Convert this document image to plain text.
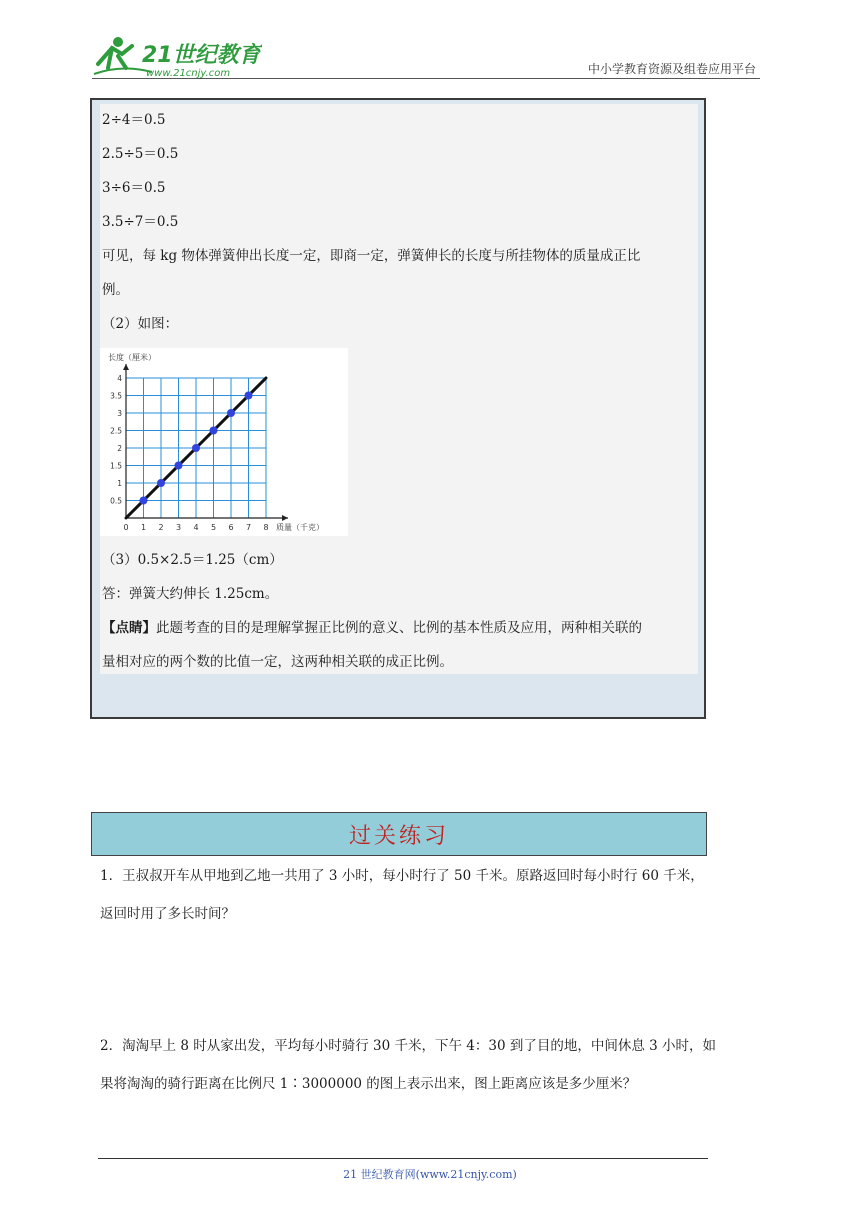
21世纪教育
www.21cnjy.com	中小学教育资源及组卷应用平台
2÷4＝0.5
2.5÷5＝0.5
3÷6＝0.5
3.5÷7＝0.5
可见，每 kg 物体弹簧伸出长度一定，即商一定，弹簧伸长的长度与所挂物体的质量成正比
例。
（2）如图：
0 1 2 3 4 5 6 7 8
0.5
1
1.5
2
2.5
3
3.5
4
长度（厘米）
质量（千克）
（3）0.5×2.5＝1.25（cm）
答：弹簧大约伸长 1.25cm。
【点睛】此题考查的目的是理解掌握正比例的意义、比例的基本性质及应用，两种相关联的
量相对应的两个数的比值一定，这两种相关联的成正比例。
过关练习
1．王叔叔开车从甲地到乙地一共用了 3 小时，每小时行了 50 千米。原路返回时每小时行 60 千米，
返回时用了多长时间？
2．淘淘早上 8 时从家出发，平均每小时骑行 30 千米，下午 4：30 到了目的地，中间休息 3 小时，如
果将淘淘的骑行距离在比例尺 1∶3000000 的图上表示出来，图上距离应该是多少厘米？
21 世纪教育网(www.21cnjy.com)
